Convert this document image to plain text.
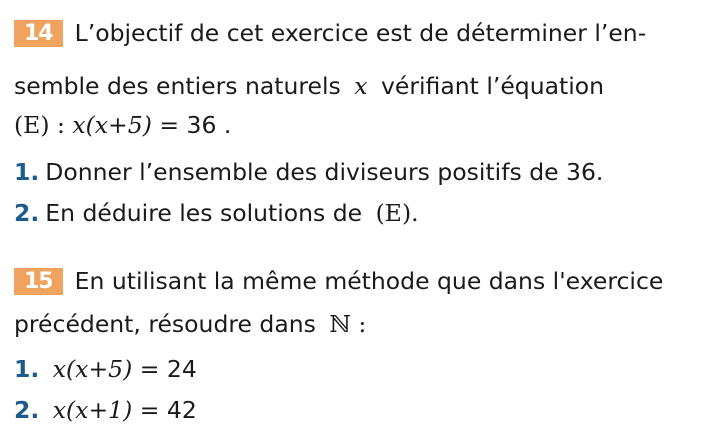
14 L’objectif de cet exercice est de déterminer l’en-
semble des entiers naturels x vérifiant l’équation
(E) : x(x+5) = 36 .
1. Donner l’ensemble des diviseurs positifs de 36.
2. En déduire les solutions de (E).
15 En utilisant la même méthode que dans l'exercice
précédent, résoudre dans ℕ :
1. x(x+5) = 24
2. x(x+1) = 42
